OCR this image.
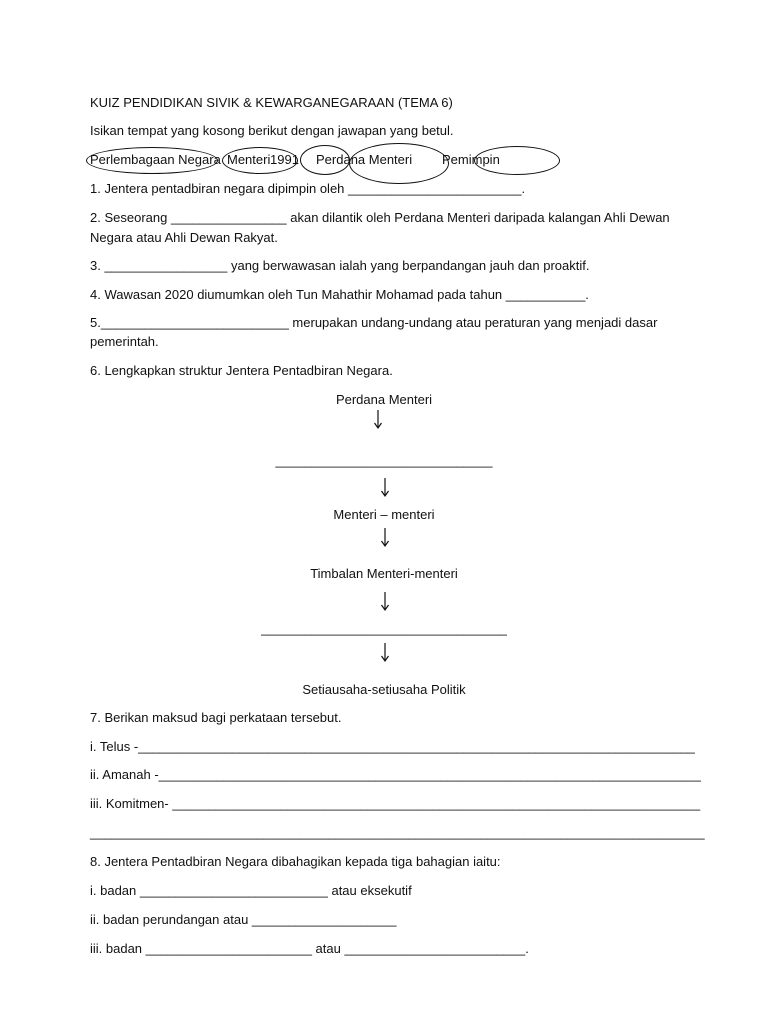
KUIZ PENDIDIKAN SIVIK & KEWARGANEGARAAN (TEMA 6)
Isikan tempat yang kosong berikut dengan jawapan yang betul.
Perlembagaan Negara Menteri 1991 Perdana Menteri Pemimpin
1. Jentera pentadbiran negara dipimpin oleh ________________________.
2. Seseorang ________________ akan dilantik oleh Perdana Menteri daripada kalangan Ahli Dewan
Negara atau Ahli Dewan Rakyat.
3. _________________ yang berwawasan ialah yang berpandangan jauh dan proaktif.
4. Wawasan 2020 diumumkan oleh Tun Mahathir Mohamad pada tahun ___________.
5.__________________________ merupakan undang-undang atau peraturan yang menjadi dasar
pemerintah.
6. Lengkapkan struktur Jentera Pentadbiran Negara.
Perdana Menteri
______________________________
Menteri – menteri
Timbalan Menteri-menteri
__________________________________
Setiausaha-setiusaha Politik
7. Berikan maksud bagi perkataan tersebut.
i. Telus -_____________________________________________________________________________
ii. Amanah -___________________________________________________________________________
iii. Komitmen- _________________________________________________________________________
_____________________________________________________________________________________
8. Jentera Pentadbiran Negara dibahagikan kepada tiga bahagian iaitu:
i. badan __________________________ atau eksekutif
ii. badan perundangan atau ____________________
iii. badan _______________________ atau _________________________.
